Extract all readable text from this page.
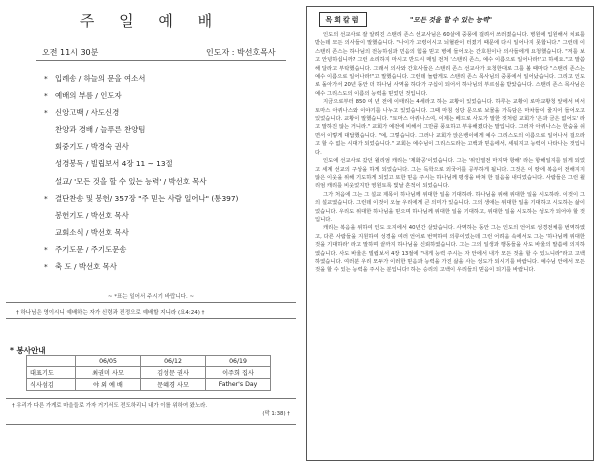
주 일 예 배
오전 11시 30분	인도자 : 박선호목사
* 입례송 / 하늘의 문을 여소서
* 예배의 부름 / 인도자
* 신앙고백 / 사도신경
찬양과 경배 / 늘푸른 찬양팀
회중기도 / 박경숙 권사
성경봉독 / 빌립보서 4장 11 ~ 13절
설교/ '모든 것을 할 수 있는 능력' / 박선호 목사
* 결단찬송 및 봉헌/ 357장 "주 믿는 사람 일어나" (통397)
봉헌기도 / 박선호 목사
교회소식 / 박선호 목사
* 주기도문 / 주기도문송
* 축 도 / 박선호 목사
~ *표는 일어서 주시기 바랍니다. ~
† 하나님은 영이시니 예배하는 자가 신령과 진정으로 예배할 지니라 (요4:24) †
* 봉사안내
	06/05	06/12	06/19
대표기도	최권미 사모	김성문 권사	이주희 집사
식사섬김	야 외 예 배	문혜경 사모	Father's Day
† 우리가 다른 가게로 마을들로 가자 거기서도 전도하리니 내가 이를 위하여 왔노라.
(막 1:38) †
"모든 것을 할 수 있는 능력"
목회칼럼

인도의 선교사로 잘 알려진 스탠리 존스 선교사님은 60살에 중풍에 걸려서 쓰러졌습니다. 병원에 입원해서 치료를 받는데 모든 의사들이 말했습니다. "나이가 고령이시고 뇌혈관이 터졌기 때문에 다시 일어나지 못합니다." 그런데 이 스탠리 존스는 하나님의 전능하심과 민음의 힘을 믿고 병에 들어오는 간호원이나 의사들에게 요청했습니다. "저를 보고 안녕하십니까? 그런 소리하지 마시고 반드시 매일 전처 '스탠리 존스, 예수 이름으로 일어나라!'고 하세요."고 말씀해 달라고 부탁했습니다. 그래서 의사와 간호사들은 스탠리 존스 선교사가 요청한대로 그를 볼 때마다 "스탠리 존스는 예수 이름으로 일어나라!"고 말했습니다. 그런데 놀랍게도 스탠리 존스 목사님의 중풍에서 일어났습니다. 그리고 인도로 돌아가서 20년 동안 더 하나님 사역을 하다가 구십이 되어서 하나님의 부르심을 받았습니다. 스탠리 존스 목사님은 예수 그리스도의 이름의 능력을 믿었던 것입니다.

지금으로부터 850 여 년 전에 이태리는 4세라고 하는 교황이 있었습니다. 하루는 교황이 로마교황청 앞에서 비서 토마스 아퀴나스와 이야기를 나누고 있었습니다. 그때 마침 성당 문으로 보물을 가득담은 마차들이 줄지어 들어오고 있었습니다. 교황이 말했습니다. "토마스 아퀴나스여, 이제는 베드로 사도가 말한 것처럼 교회가 '은과 금은 없어도' 라고 말하진 않는 거니라." 교회가 예전에 비해서 그만큼 풍요하고 부유해졌다는 말입니다. 그러자 아퀴나스는 한숨을 쉬면서 이렇게 대답했습니다. "예, 그렇습니다. 그러나 교회가 앉은뱅이에게 예수 그리스도의 이름으로 일어나서 걸으라고 할 수 없는 시대가 되었습니다." 교회는 예수님이 그리스도라는 고백과 믿음에서, 세워지고 능력이 나타나는 것입니다.

인도에 선교사로 갔던 윌리엄 캐리는 '제화공'이었습니다. 그는 '위인열전 마지막 항해' 라는 항해일지를 읽게 되었고 세계 선교의 구상을 하게 되었습니다. 그는 독학으로 외국어를 공부하게 됩니다. 그것은 이 땅에 복음이 전해지지 않은 이웃을 위해 기도하게 되었고 또한 믿음 주시는 하나님께 평생을 바쳐 한 걸음을 내디었습니다. 사람들은 그런 윌리엄 캐리를 비웃었지만 영원토록 빛날 흔적이 되었습니다.

그가 처음에 그는 그 설교 제목이 하나님께 위대한 일을 기대하라. 하나님을 위해 위대한 일을 시도하라. 이것이 그의 설교였습니다. 그런데 이것이 오늘 우리에게 큰 의미가 있습니다. 그의 생애는 위대한 일을 기대하고 시도하는 삶이었습니다. 우리도 위대한 하나님을 믿으며 하나님께 위대한 일을 기대하고, 위대한 일을 시도하는 성도가 되어야 할 것입니다.

캐리는 복음을 위하여 인도 오지에서 40년간 살았습니다. 사역하는 동안 그는 인도의 언어로 성경전체를 번역하였고, 다른 사람들을 지원하여 성경을 여러 언어로 번역하여 의류이었는데 그런 어려움 속에서도 그는 '하나님께 위대한 것을 기대하라' 라고 말하며 끝까지 하나님을 신뢰하였습니다. 그는 그의 일생과 행동들을 사도 바울의 말씀에 의지하였습니다. 사도 바울은 빌립보서 4장 13절에 "내게 능력 주시는 자 안에서 내가 모든 것을 할 수 있느니라"라고 고백하였습니다. 여러분 우리 모두가 이러한 믿음과 능력을 가진 삶을 사는 성도가 되시기를 바랍니다. 예수님 안에서 모든 것을 할 수 있는 능력을 주시는 분입니다! 하는 승리의 고백이 우리들의 믿음이 되기를 바랍니다.
